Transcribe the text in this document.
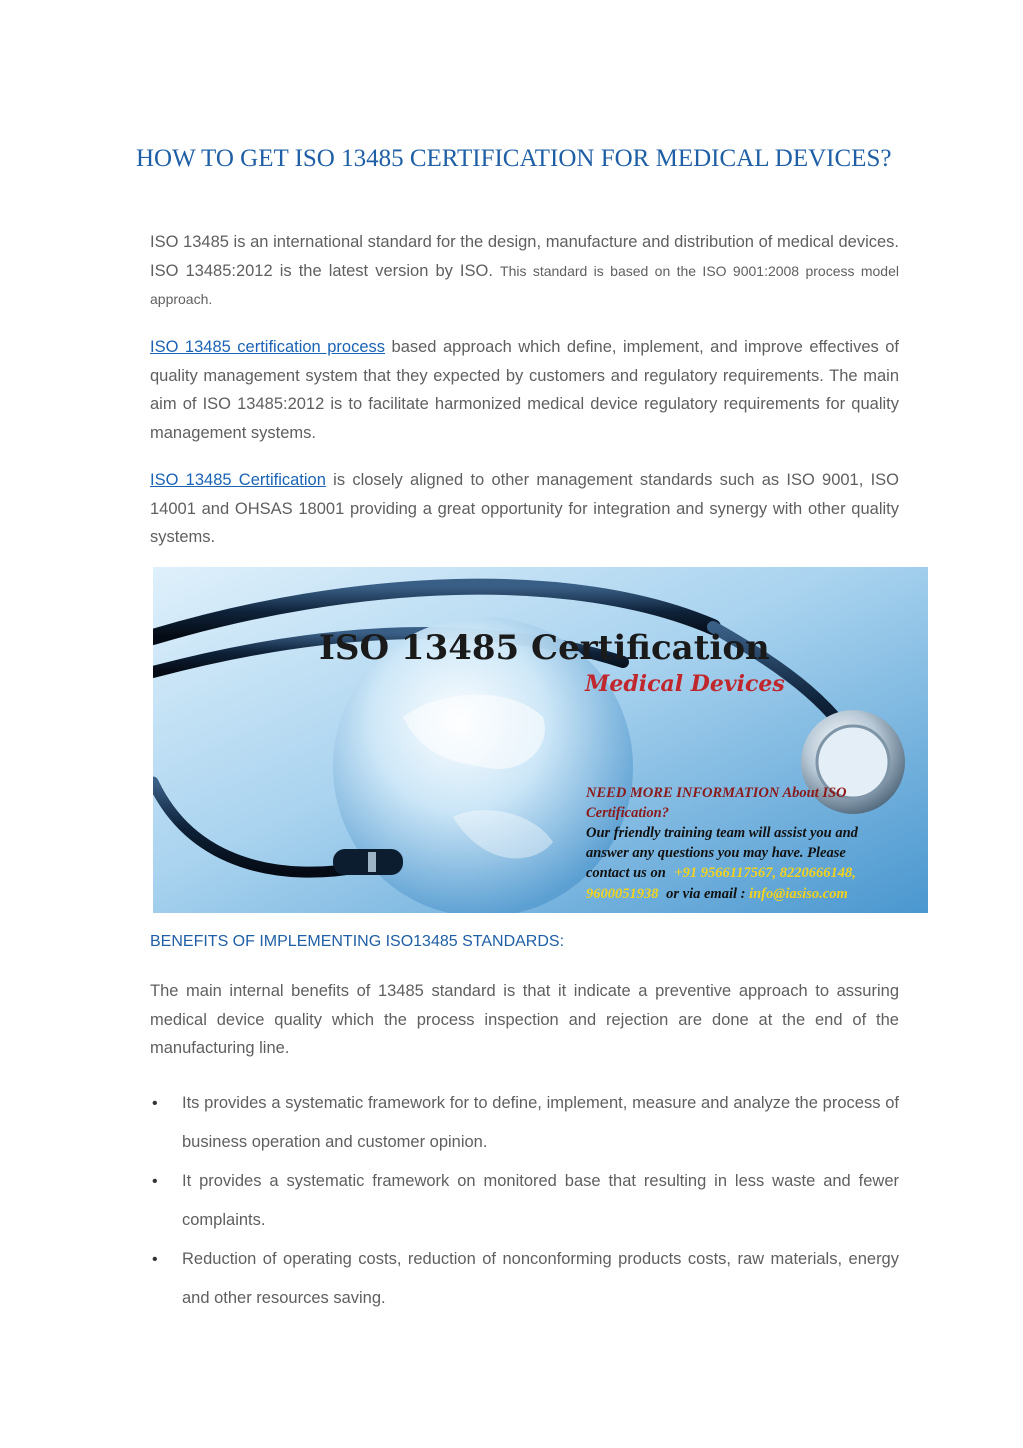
HOW TO GET ISO 13485 CERTIFICATION FOR MEDICAL DEVICES?

ISO 13485 is an international standard for the design, manufacture and distribution of medical devices. ISO 13485:2012 is the latest version by ISO. This standard is based on the ISO 9001:2008 process model approach.

ISO 13485 certification process based approach which define, implement, and improve effectives of quality management system that they expected by customers and regulatory requirements. The main aim of ISO 13485:2012 is to facilitate harmonized medical device regulatory requirements for quality management systems.

ISO 13485 Certification is closely aligned to other management standards such as ISO 9001, ISO 14001 and OHSAS 18001 providing a great opportunity for integration and synergy with other quality systems.

ISO 13485 Certification
Medical Devices
NEED MORE INFORMATION About ISO
Certification?
Our friendly training team will assist you and
answer any questions you may have. Please
contact us on +91 9566117567, 8220666148,
9600051938 or via email : info@iasiso.com
BENEFITS OF IMPLEMENTING ISO13485 STANDARDS:

The main internal benefits of 13485 standard is that it indicate a preventive approach to assuring medical device quality which the process inspection and rejection are done at the end of the manufacturing line.

• Its provides a systematic framework for to define, implement, measure and analyze the process of business operation and customer opinion.
• It provides a systematic framework on monitored base that resulting in less waste and fewer complaints.
• Reduction of operating costs, reduction of nonconforming products costs, raw materials, energy and other resources saving.
